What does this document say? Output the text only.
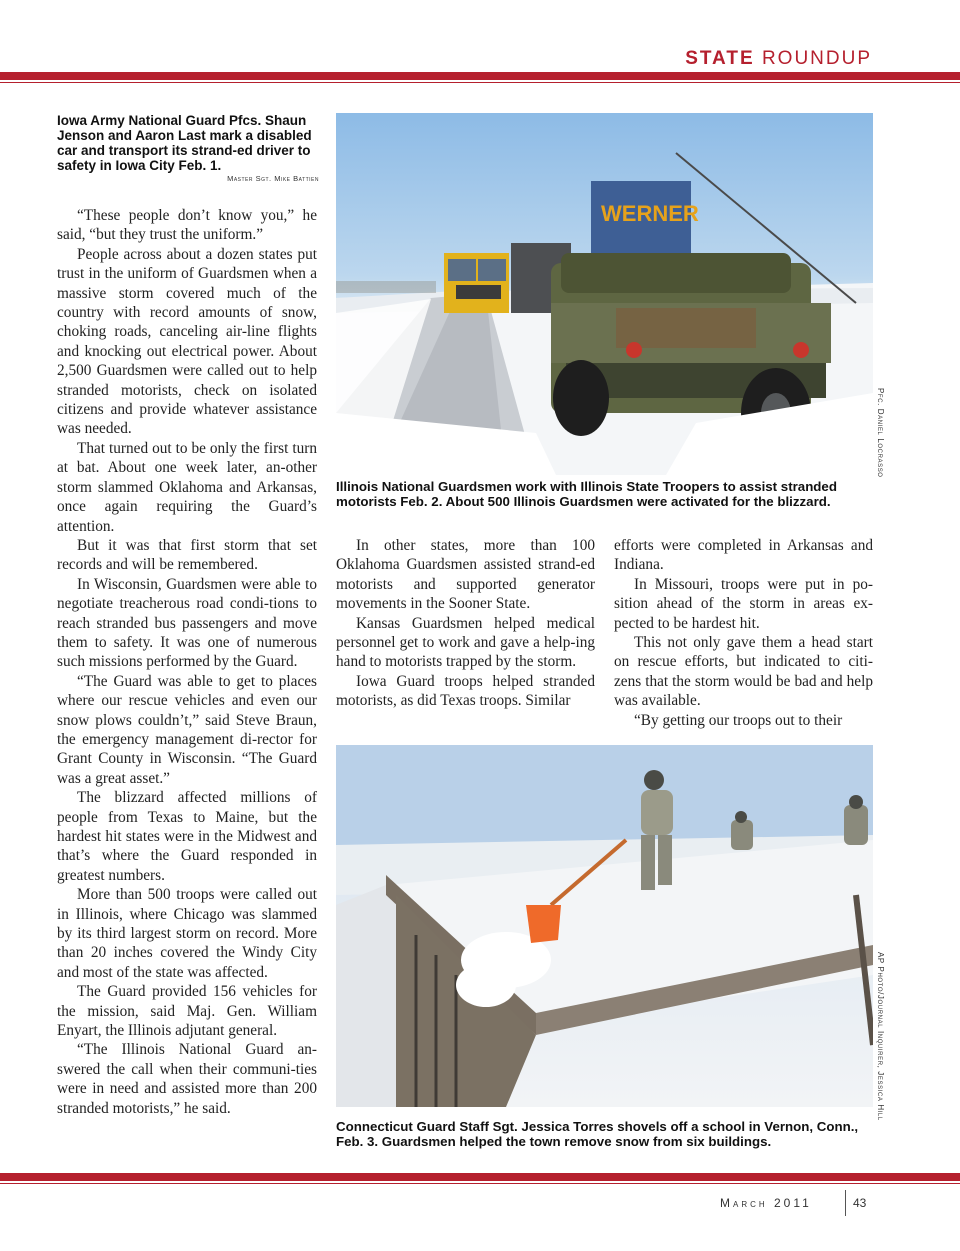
STATE ROUNDUP
Iowa Army National Guard Pfcs. Shaun Jenson and Aaron Last mark a disabled car and transport its strand-ed driver to safety in Iowa City Feb. 1.
Master Sgt. Mike Battien

“These people don’t know you,” he said, “but they trust the uniform.”

People across about a dozen states put trust in the uniform of Guardsmen when a massive storm covered much of the country with record amounts of snow, choking roads, canceling air-line flights and knocking out electrical power. About 2,500 Guardsmen were called out to help stranded motorists, check on isolated citizens and provide whatever assistance was needed.

That turned out to be only the first turn at bat. About one week later, an-other storm slammed Oklahoma and Arkansas, once again requiring the Guard’s attention.

But it was that first storm that set records and will be remembered.

In Wisconsin, Guardsmen were able to negotiate treacherous road condi-tions to reach stranded bus passengers and move them to safety. It was one of numerous such missions performed by the Guard.

“The Guard was able to get to places where our rescue vehicles and even our snow plows couldn’t,” said Steve Braun, the emergency management di-rector for Grant County in Wisconsin. “The Guard was a great asset.”

The blizzard affected millions of people from Texas to Maine, but the hardest hit states were in the Midwest and that’s where the Guard responded in greatest numbers.

More than 500 troops were called out in Illinois, where Chicago was slammed by its third largest storm on record. More than 20 inches covered the Windy City and most of the state was affected.

The Guard provided 156 vehicles for the mission, said Maj. Gen. William Enyart, the Illinois adjutant general.

“The Illinois National Guard an-swered the call when their communi-ties were in need and assisted more than 200 stranded motorists,” he said.

WERNER
Pfc. Daniel Locrasso
Illinois National Guardsmen work with Illinois State Troopers to assist stranded motorists Feb. 2. About 500 Illinois Guardsmen were activated for the blizzard.

In other states, more than 100 Oklahoma Guardsmen assisted strand-ed motorists and supported generator movements in the Sooner State.

Kansas Guardsmen helped medical personnel get to work and gave a help-ing hand to motorists trapped by the storm.

Iowa Guard troops helped stranded motorists, as did Texas troops. Similar

efforts were completed in Arkansas and Indiana.

In Missouri, troops were put in po-sition ahead of the storm in areas ex-pected to be hardest hit.

This not only gave them a head start on rescue efforts, but indicated to citi-zens that the storm would be bad and help was available.

“By getting our troops out to their

AP Photo/Journal Inquirer, Jessica Hill
Connecticut Guard Staff Sgt. Jessica Torres shovels off a school in Vernon, Conn., Feb. 3. Guardsmen helped the town remove snow from six buildings.
March 2011	43
